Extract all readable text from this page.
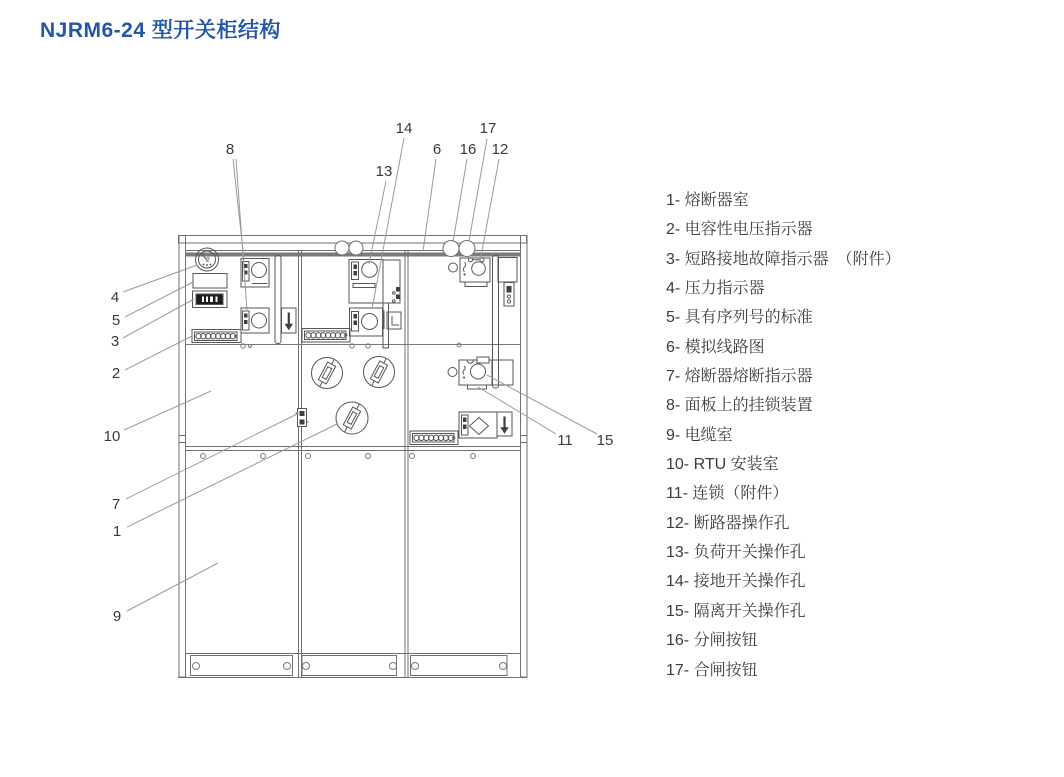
NJRM6-24 型开关柜结构
2
8
13
14
6 16
17
12
4
5
3
2
10
7
1
9
11 15
1- 熔断器室
2- 电容性电压指示器
3- 短路接地故障指示器　（附件）
4- 压力指示器
5- 具有序列号的标准
6- 模拟线路图
7- 熔断器熔断指示器
8- 面板上的挂锁装置
9- 电缆室
10- RTU 安装室
11- 连锁（附件）
12- 断路器操作孔
13- 负荷开关操作孔
14- 接地开关操作孔
15- 隔离开关操作孔
16- 分闸按钮
17- 合闸按钮
